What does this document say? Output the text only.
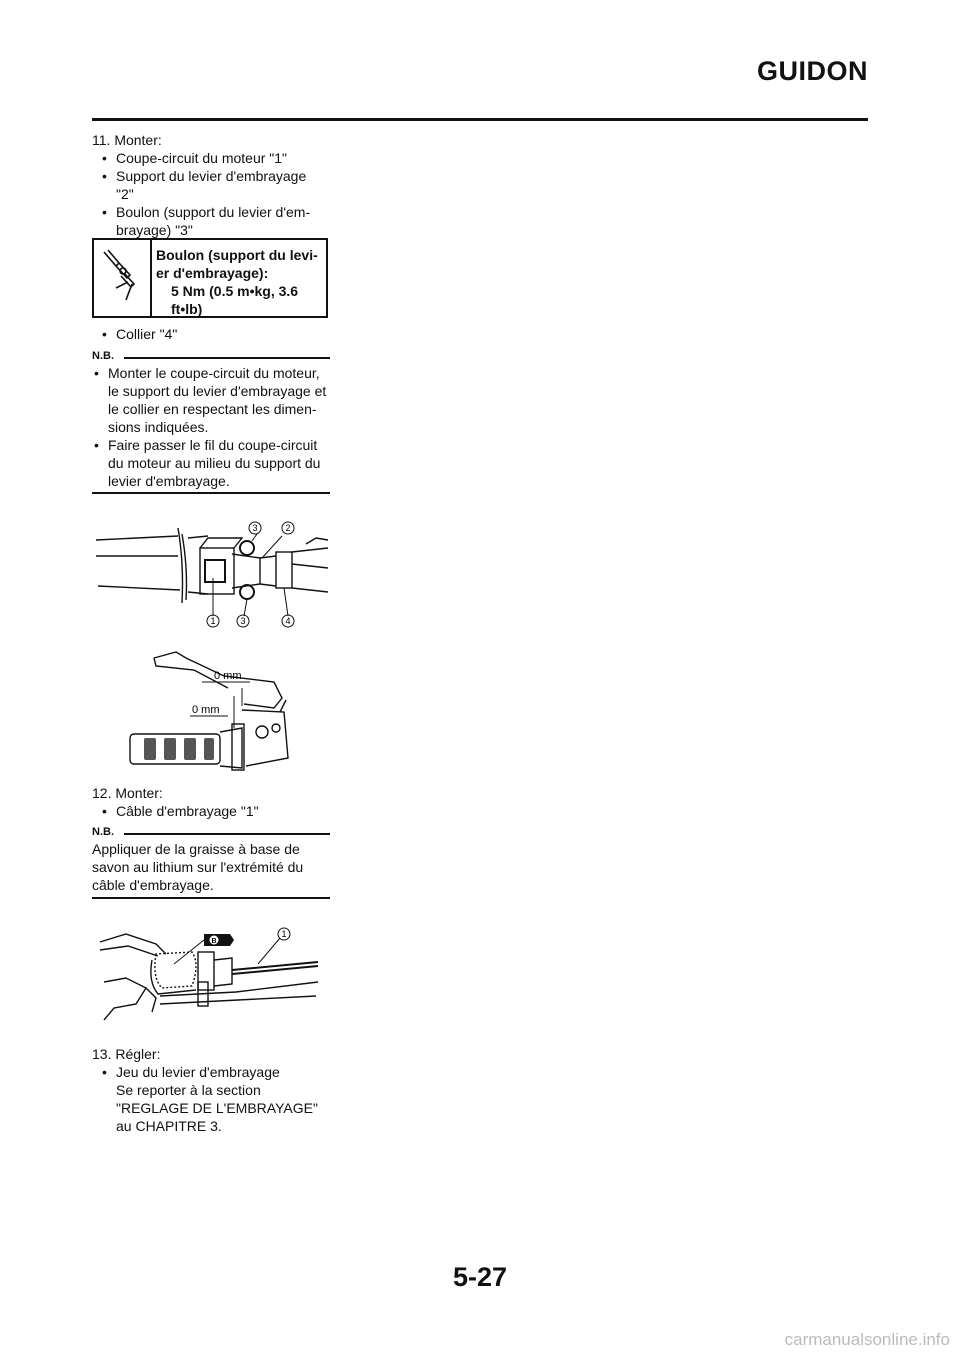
GUIDON
11. Monter:
• Coupe-circuit du moteur "1"
• Support du levier d'embrayage
"2"
• Boulon (support du levier d'em-
brayage) "3"
Boulon (support du levi-
er d'embrayage):
5 Nm (0.5 m•kg, 3.6
ft•lb)
• Collier "4"
N.B.
• Monter le coupe-circuit du moteur,
le support du levier d'embrayage et
le collier en respectant les dimen-
sions indiquées.
• Faire passer le fil du coupe-circuit
du moteur au milieu du support du
levier d'embrayage.
3	2
1	3	4
0 mm
0 mm
12. Monter:
• Câble d'embrayage "1"
N.B.
Appliquer de la graisse à base de
savon au lithium sur l'extrémité du
câble d'embrayage.
B
1
13. Régler:
• Jeu du levier d'embrayage
Se reporter à la section
"REGLAGE DE L'EMBRAYAGE"
au CHAPITRE 3.
5-27
carmanualsonline.info
